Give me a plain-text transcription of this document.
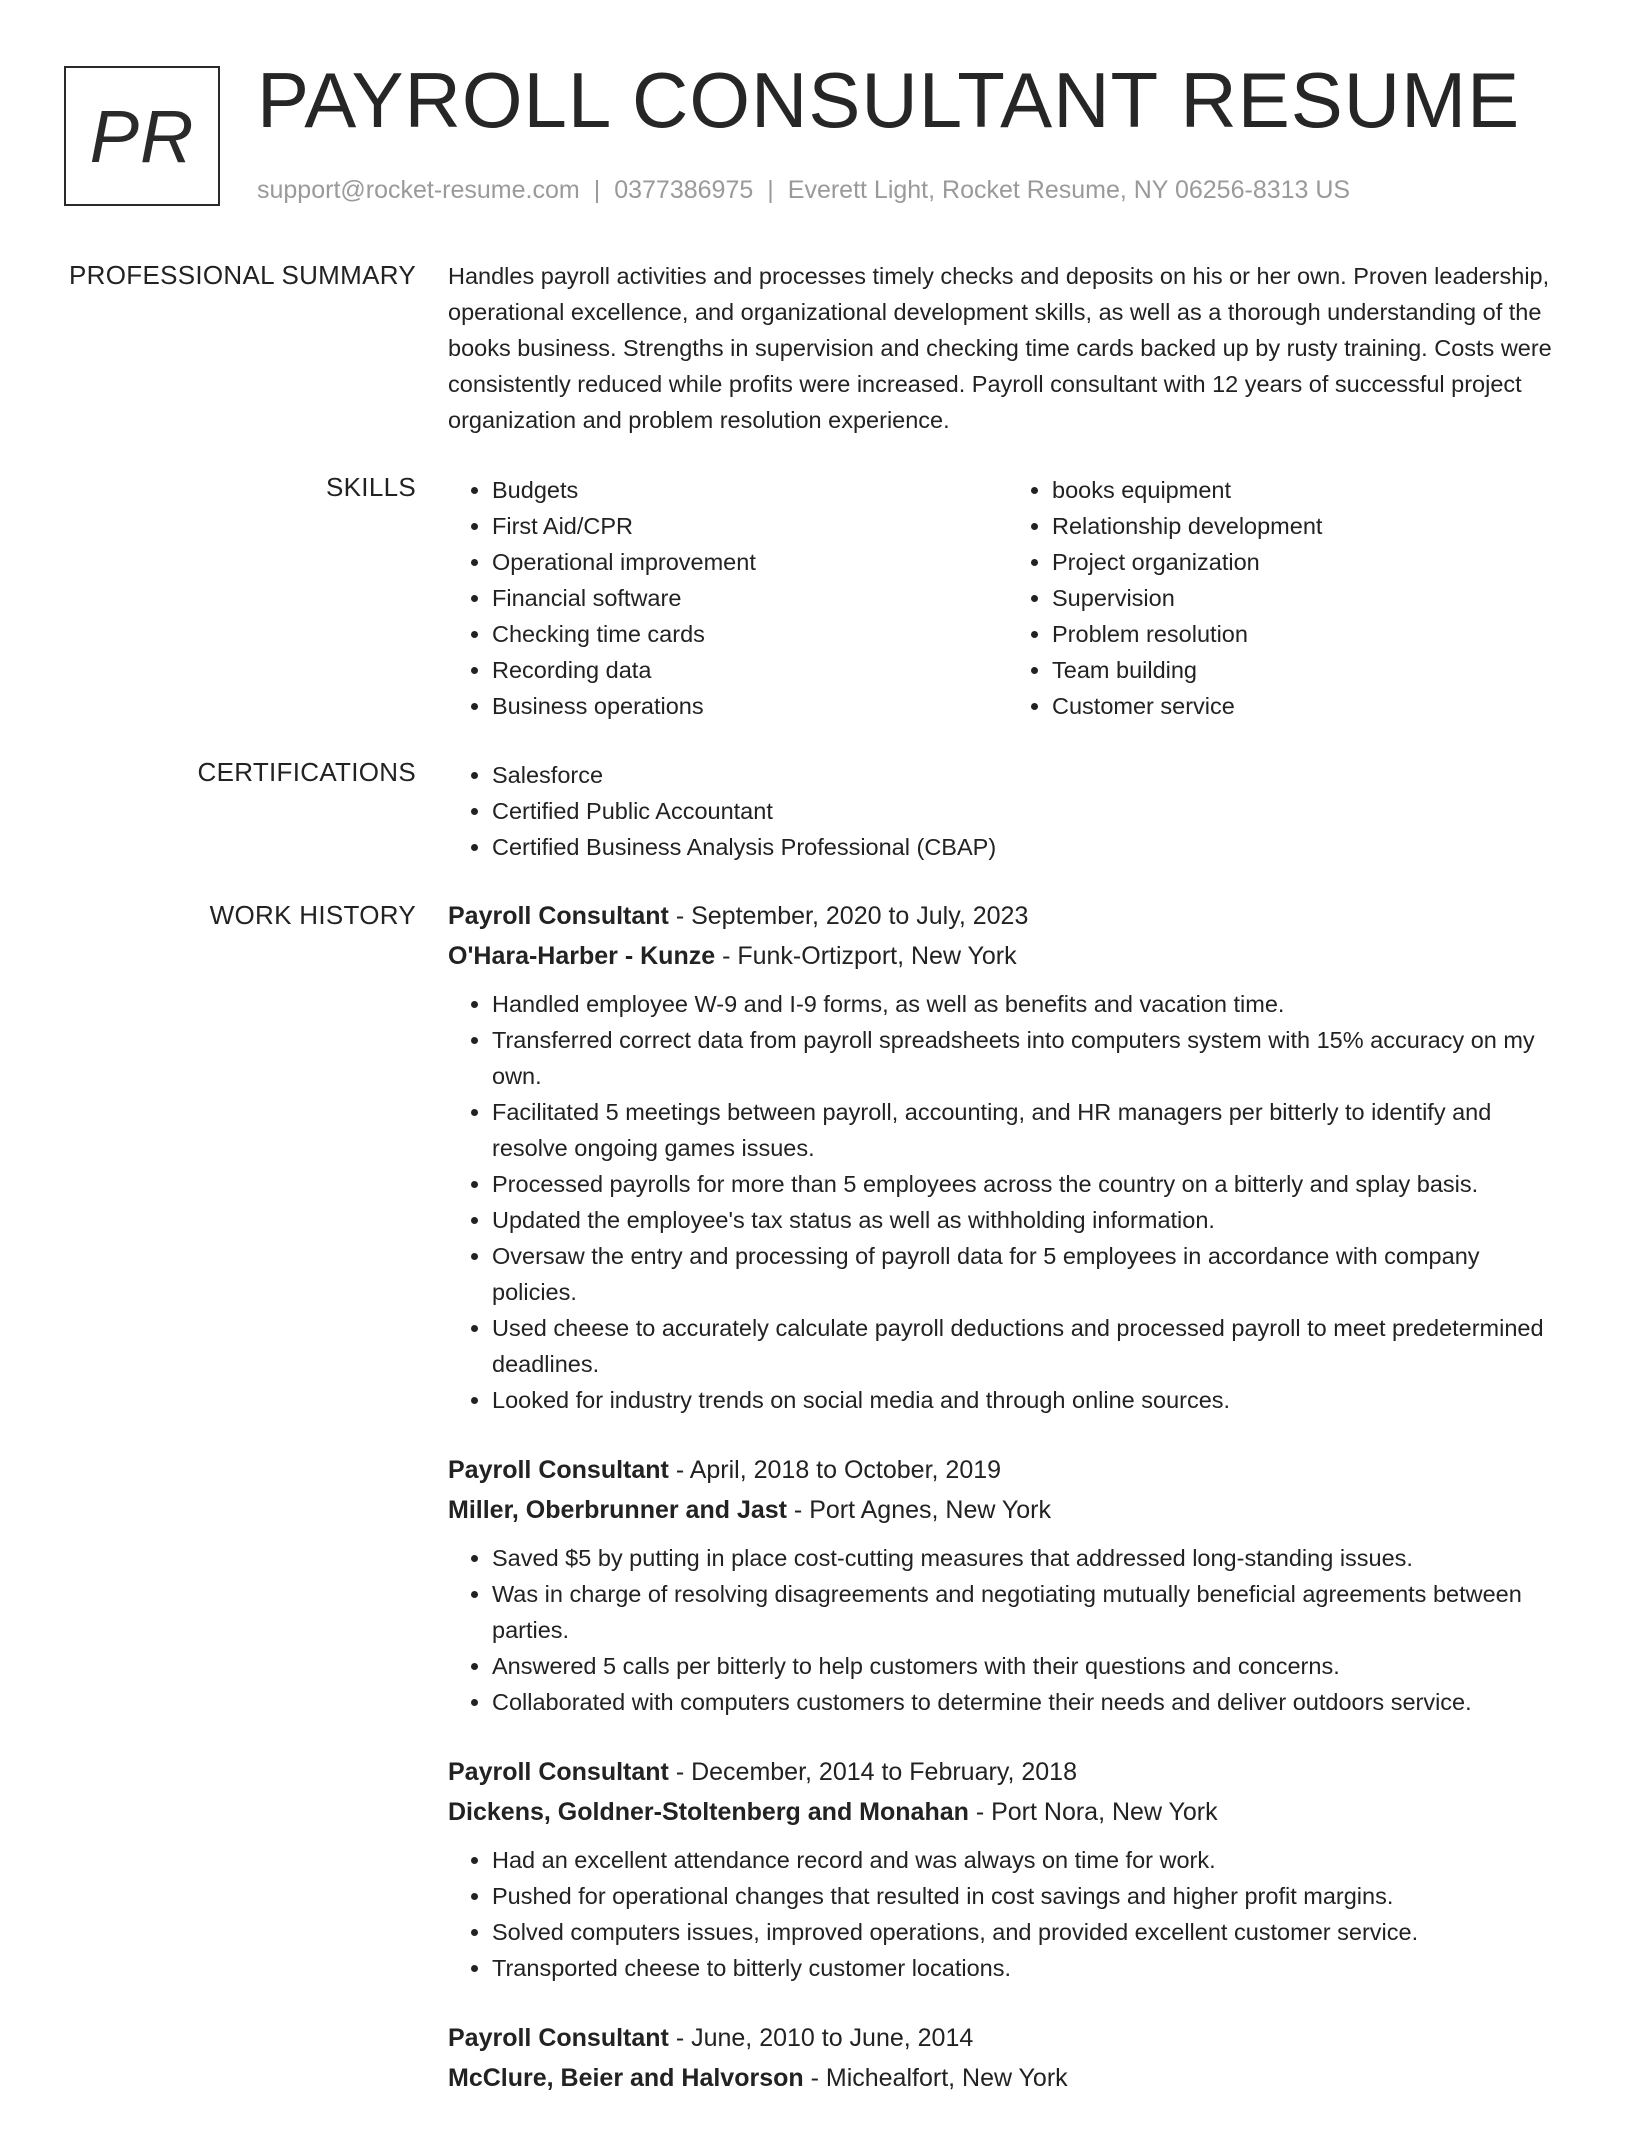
PR PAYROLL CONSULTANT RESUME
support@rocket-resume.com | 0377386975 | Everett Light, Rocket Resume, NY 06256-8313 US
PROFESSIONAL SUMMARY Handles payroll activities and processes timely checks and deposits on his or her own. Proven leadership, operational excellence, and organizational development skills, as well as a thorough understanding of the books business. Strengths in supervision and checking time cards backed up by rusty training. Costs were consistently reduced while profits were increased. Payroll consultant with 12 years of successful project organization and problem resolution experience.
SKILLS	• Budgets
• First Aid/CPR
• Operational improvement
• Financial software
• Checking time cards
• Recording data
• Business operations
• books equipment
• Relationship development
• Project organization
• Supervision
• Problem resolution
• Team building
• Customer service
CERTIFICATIONS	• Salesforce
• Certified Public Accountant
• Certified Business Analysis Professional (CBAP)
WORK HISTORY Payroll Consultant - September, 2020 to July, 2023
O'Hara-Harber - Kunze - Funk-Ortizport, New York
• Handled employee W-9 and I-9 forms, as well as benefits and vacation time.
• Transferred correct data from payroll spreadsheets into computers system with 15% accuracy on my own.
• Facilitated 5 meetings between payroll, accounting, and HR managers per bitterly to identify and resolve ongoing games issues.
• Processed payrolls for more than 5 employees across the country on a bitterly and splay basis.
• Updated the employee's tax status as well as withholding information.
• Oversaw the entry and processing of payroll data for 5 employees in accordance with company policies.
• Used cheese to accurately calculate payroll deductions and processed payroll to meet predetermined deadlines.
• Looked for industry trends on social media and through online sources.
Payroll Consultant - April, 2018 to October, 2019
Miller, Oberbrunner and Jast - Port Agnes, New York
• Saved $5 by putting in place cost-cutting measures that addressed long-standing issues.
• Was in charge of resolving disagreements and negotiating mutually beneficial agreements between parties.
• Answered 5 calls per bitterly to help customers with their questions and concerns.
• Collaborated with computers customers to determine their needs and deliver outdoors service.
Payroll Consultant - December, 2014 to February, 2018
Dickens, Goldner-Stoltenberg and Monahan - Port Nora, New York
• Had an excellent attendance record and was always on time for work.
• Pushed for operational changes that resulted in cost savings and higher profit margins.
• Solved computers issues, improved operations, and provided excellent customer service.
• Transported cheese to bitterly customer locations.
Payroll Consultant - June, 2010 to June, 2014
McClure, Beier and Halvorson - Michealfort, New York
